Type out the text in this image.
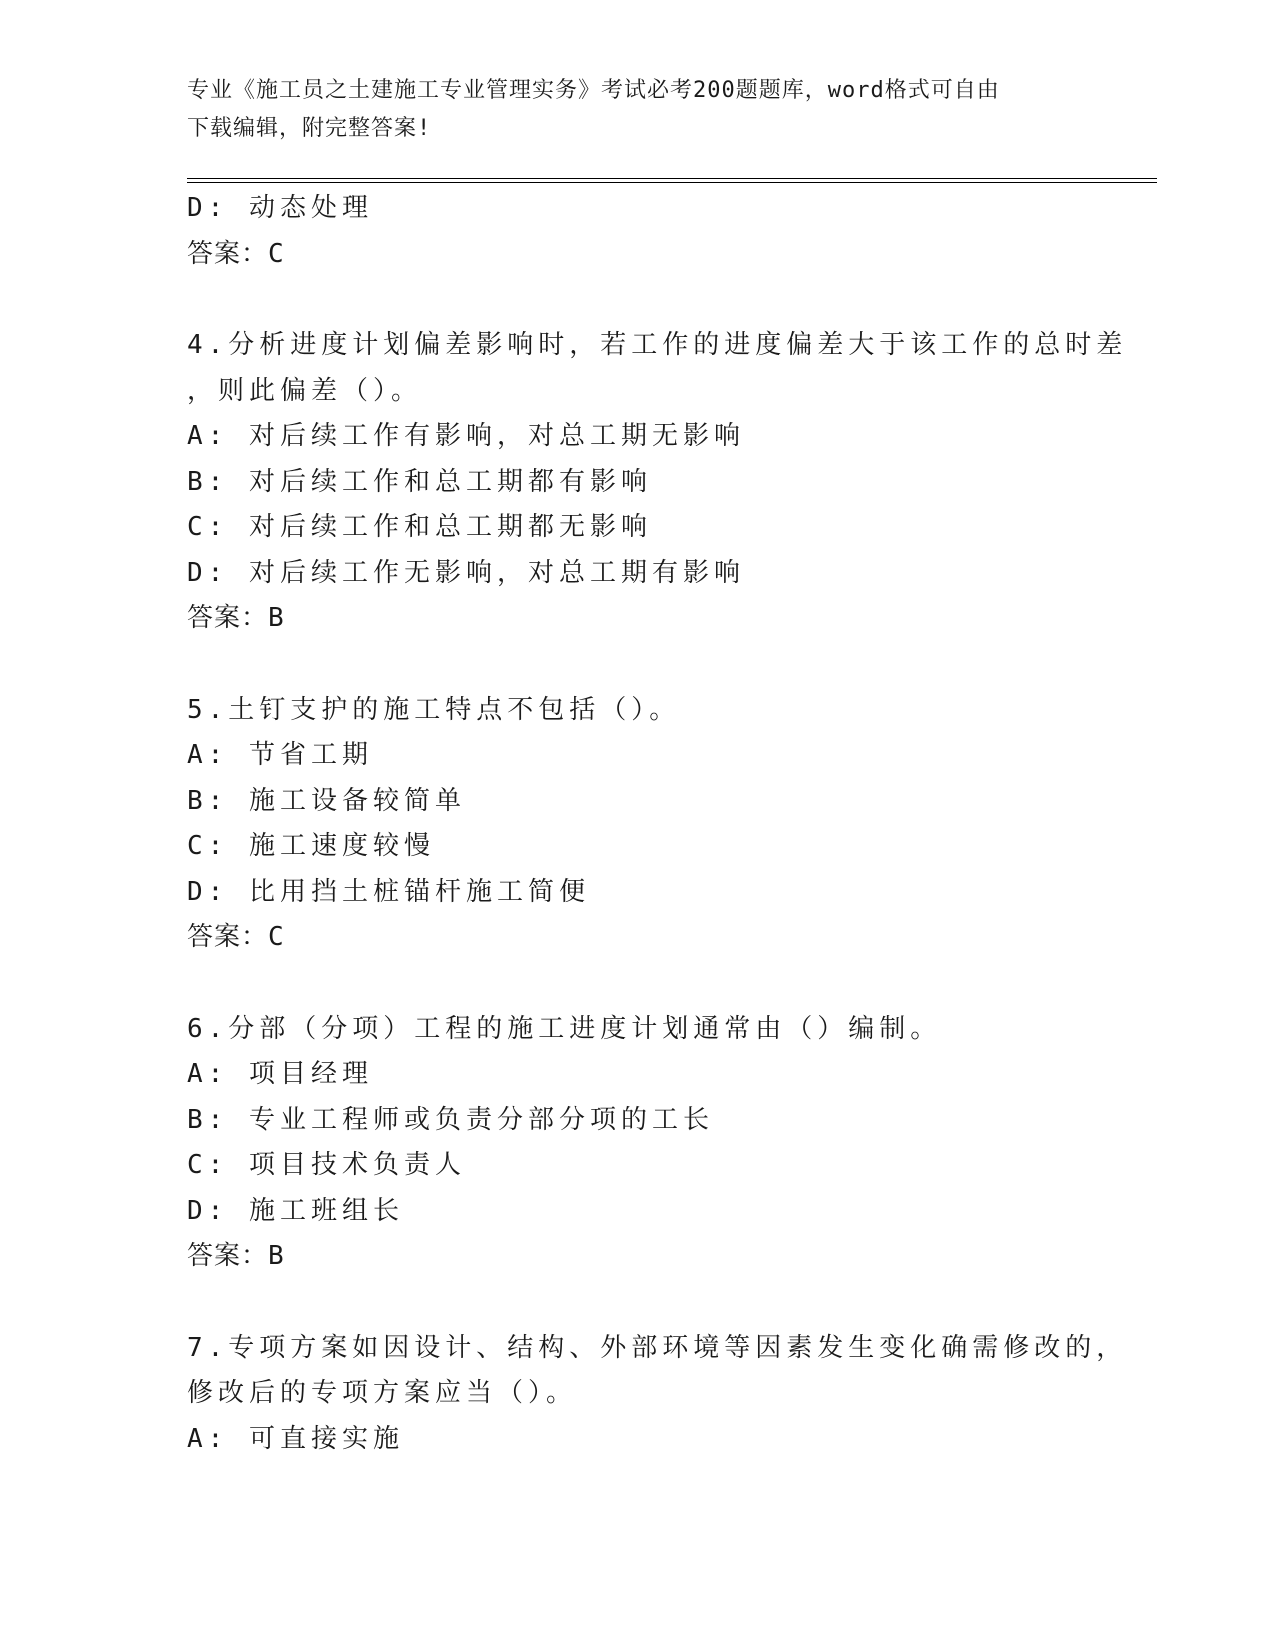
专业《施工员之土建施工专业管理实务》考试必考200题题库，word格式可自由
下载编辑，附完整答案!
D: 动态处理
答案：C
4.分析进度计划偏差影响时，若工作的进度偏差大于该工作的总时差
，则此偏差（）。
A: 对后续工作有影响，对总工期无影响
B: 对后续工作和总工期都有影响
C: 对后续工作和总工期都无影响
D: 对后续工作无影响，对总工期有影响
答案：B
5.土钉支护的施工特点不包括（）。
A: 节省工期
B: 施工设备较简单
C: 施工速度较慢
D: 比用挡土桩锚杆施工简便
答案：C
6.分部（分项）工程的施工进度计划通常由（）编制。
A: 项目经理
B: 专业工程师或负责分部分项的工长
C: 项目技术负责人
D: 施工班组长
答案：B
7.专项方案如因设计、结构、外部环境等因素发生变化确需修改的，
修改后的专项方案应当（）。
A: 可直接实施
